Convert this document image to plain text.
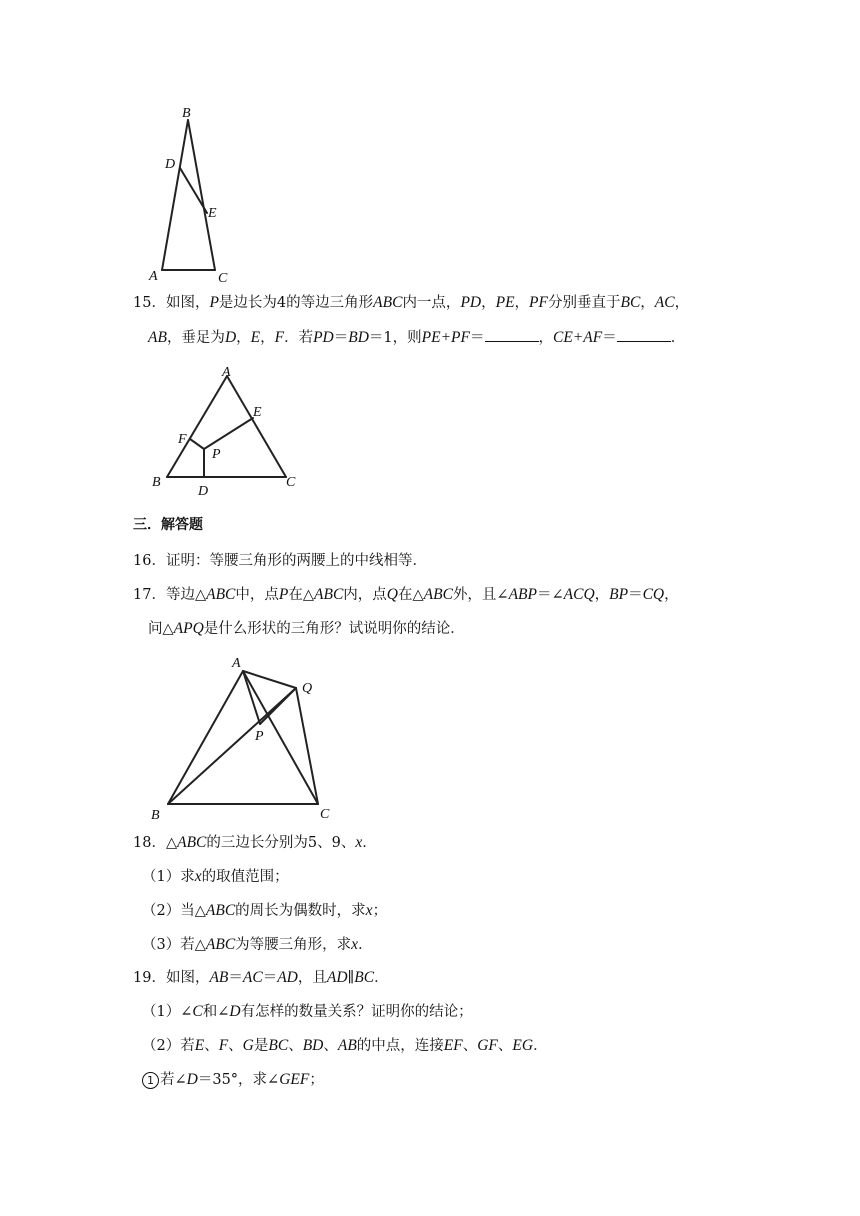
B
D
E
A	C

15．如图，P是边长为4的等边三角形ABC内一点，PD，PE，PF分别垂直于BC，AC，

AB，垂足为D，E，F．若PD＝BD＝1，则PE+PF＝	，CE+AF＝	．

A
E
F
P
B
D
C

三．解答题

16．证明：等腰三角形的两腰上的中线相等．

17．等边△ABC中，点P在△ABC内，点Q在△ABC外，且∠ABP＝∠ACQ，BP＝CQ，

问△APQ是什么形状的三角形？试说明你的结论．

A
Q
P
B	C

18．△ABC的三边长分别为5、9、x．

（1）求x的取值范围；

（2）当△ABC的周长为偶数时，求x；

（3）若△ABC为等腰三角形，求x．

19．如图，AB＝AC＝AD，且AD∥BC．

（1）∠C和∠D有怎样的数量关系？证明你的结论；

（2）若E、F、G是BC、BD、AB的中点，连接EF、GF、EG．

1 若∠D＝35°，求∠GEF；
